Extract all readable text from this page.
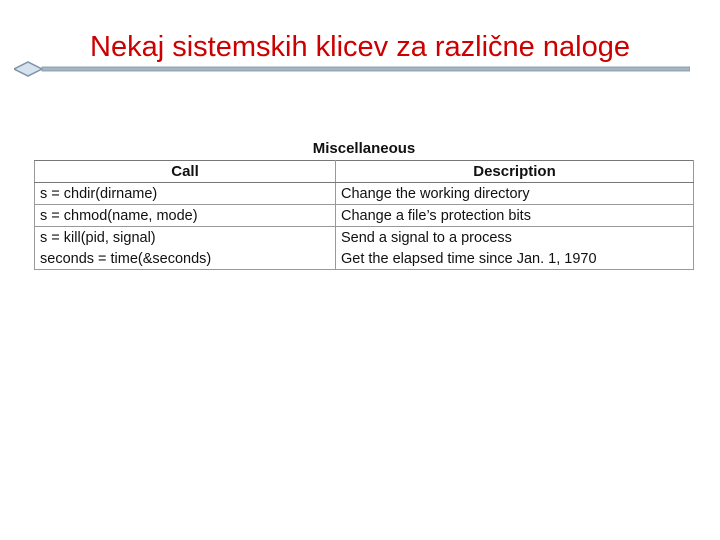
Nekaj sistemskih klicev za različne naloge
Miscellaneous
Call	Description
s = chdir(dirname)	Change the working directory
s = chmod(name, mode)	Change a file’s protection bits
s = kill(pid, signal)	Send a signal to a process
seconds = time(&seconds)	Get the elapsed time since Jan. 1, 1970
